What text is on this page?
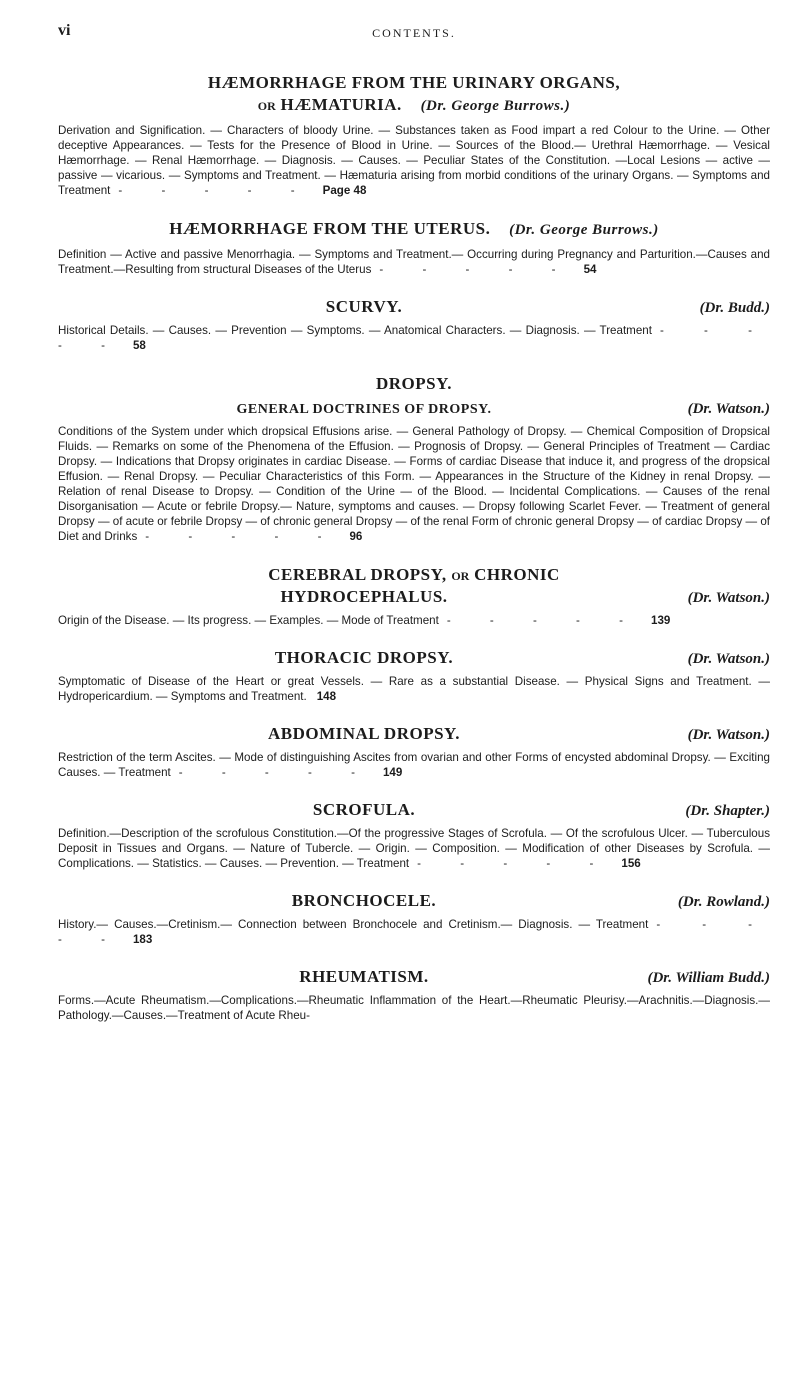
vi	CONTENTS.
HÆMORRHAGE FROM THE URINARY ORGANS,
OR HÆMATURIA. (Dr. George Burrows.)
Derivation and Signification. — Characters of bloody Urine. — Substances taken as Food impart a red Colour to the Urine. — Other deceptive Appearances. — Tests for the Presence of Blood in Urine. — Sources of the Blood.— Urethral Hæmorrhage. — Vesical Hæmorrhage. — Renal Hæmorrhage. — Diagnosis. — Causes. — Peculiar States of the Constitution. —Local Lesions — active — passive — vicarious. — Symptoms and Treatment. — Hæmaturia arising from morbid conditions of the urinary Organs. — Symptoms and Treatment - - - - - Page 48
HÆMORRHAGE FROM THE UTERUS. (Dr. George Burrows.)
Definition — Active and passive Menorrhagia. — Symptoms and Treatment.— Occurring during Pregnancy and Parturition.—Causes and Treatment.—Resulting from structural Diseases of the Uterus - - - - - 54
SCURVY.	(Dr. Budd.)
Historical Details. — Causes. — Prevention — Symptoms. — Anatomical Characters. — Diagnosis. — Treatment - - - - - 58
DROPSY.
GENERAL DOCTRINES OF DROPSY.	(Dr. Watson.)
Conditions of the System under which dropsical Effusions arise. — General Pathology of Dropsy. — Chemical Composition of Dropsical Fluids. — Remarks on some of the Phenomena of the Effusion. — Prognosis of Dropsy. — General Principles of Treatment — Cardiac Dropsy. — Indications that Dropsy originates in cardiac Disease. — Forms of cardiac Disease that induce it, and progress of the dropsical Effusion. — Renal Dropsy. — Peculiar Characteristics of this Form. — Appearances in the Structure of the Kidney in renal Dropsy. — Relation of renal Disease to Dropsy. — Condition of the Urine — of the Blood. — Incidental Complications. — Causes of the renal Disorganisation — Acute or febrile Dropsy.— Nature, symptoms and causes. — Dropsy following Scarlet Fever. — Treatment of general Dropsy — of acute or febrile Dropsy — of chronic general Dropsy — of the renal Form of chronic general Dropsy — of cardiac Dropsy — of Diet and Drinks - - - - - 96
CEREBRAL DROPSY, OR CHRONIC
HYDROCEPHALUS.	(Dr. Watson.)
Origin of the Disease. — Its progress. — Examples. — Mode of Treatment - - - - - 139
THORACIC DROPSY.	(Dr. Watson.)
Symptomatic of Disease of the Heart or great Vessels. — Rare as a substantial Disease. — Physical Signs and Treatment. — Hydropericardium. — Symptoms and Treatment. 148
ABDOMINAL DROPSY.	(Dr. Watson.)
Restriction of the term Ascites. — Mode of distinguishing Ascites from ovarian and other Forms of encysted abdominal Dropsy. — Exciting Causes. — Treatment - - - - - 149
SCROFULA.	(Dr. Shapter.)
Definition.—Description of the scrofulous Constitution.—Of the progressive Stages of Scrofula. — Of the scrofulous Ulcer. — Tuberculous Deposit in Tissues and Organs. — Nature of Tubercle. — Origin. — Composition. — Modification of other Diseases by Scrofula. — Complications. — Statistics. — Causes. — Prevention. — Treatment - - - - - 156
BRONCHOCELE.	(Dr. Rowland.)
History.— Causes.—Cretinism.— Connection between Bronchocele and Cretinism.— Diagnosis. — Treatment - - - - - 183
RHEUMATISM.	(Dr. William Budd.)
Forms.—Acute Rheumatism.—Complications.—Rheumatic Inflammation of the Heart.—Rheumatic Pleurisy.—Arachnitis.—Diagnosis.—Pathology.—Causes.—Treatment of Acute Rheu-
